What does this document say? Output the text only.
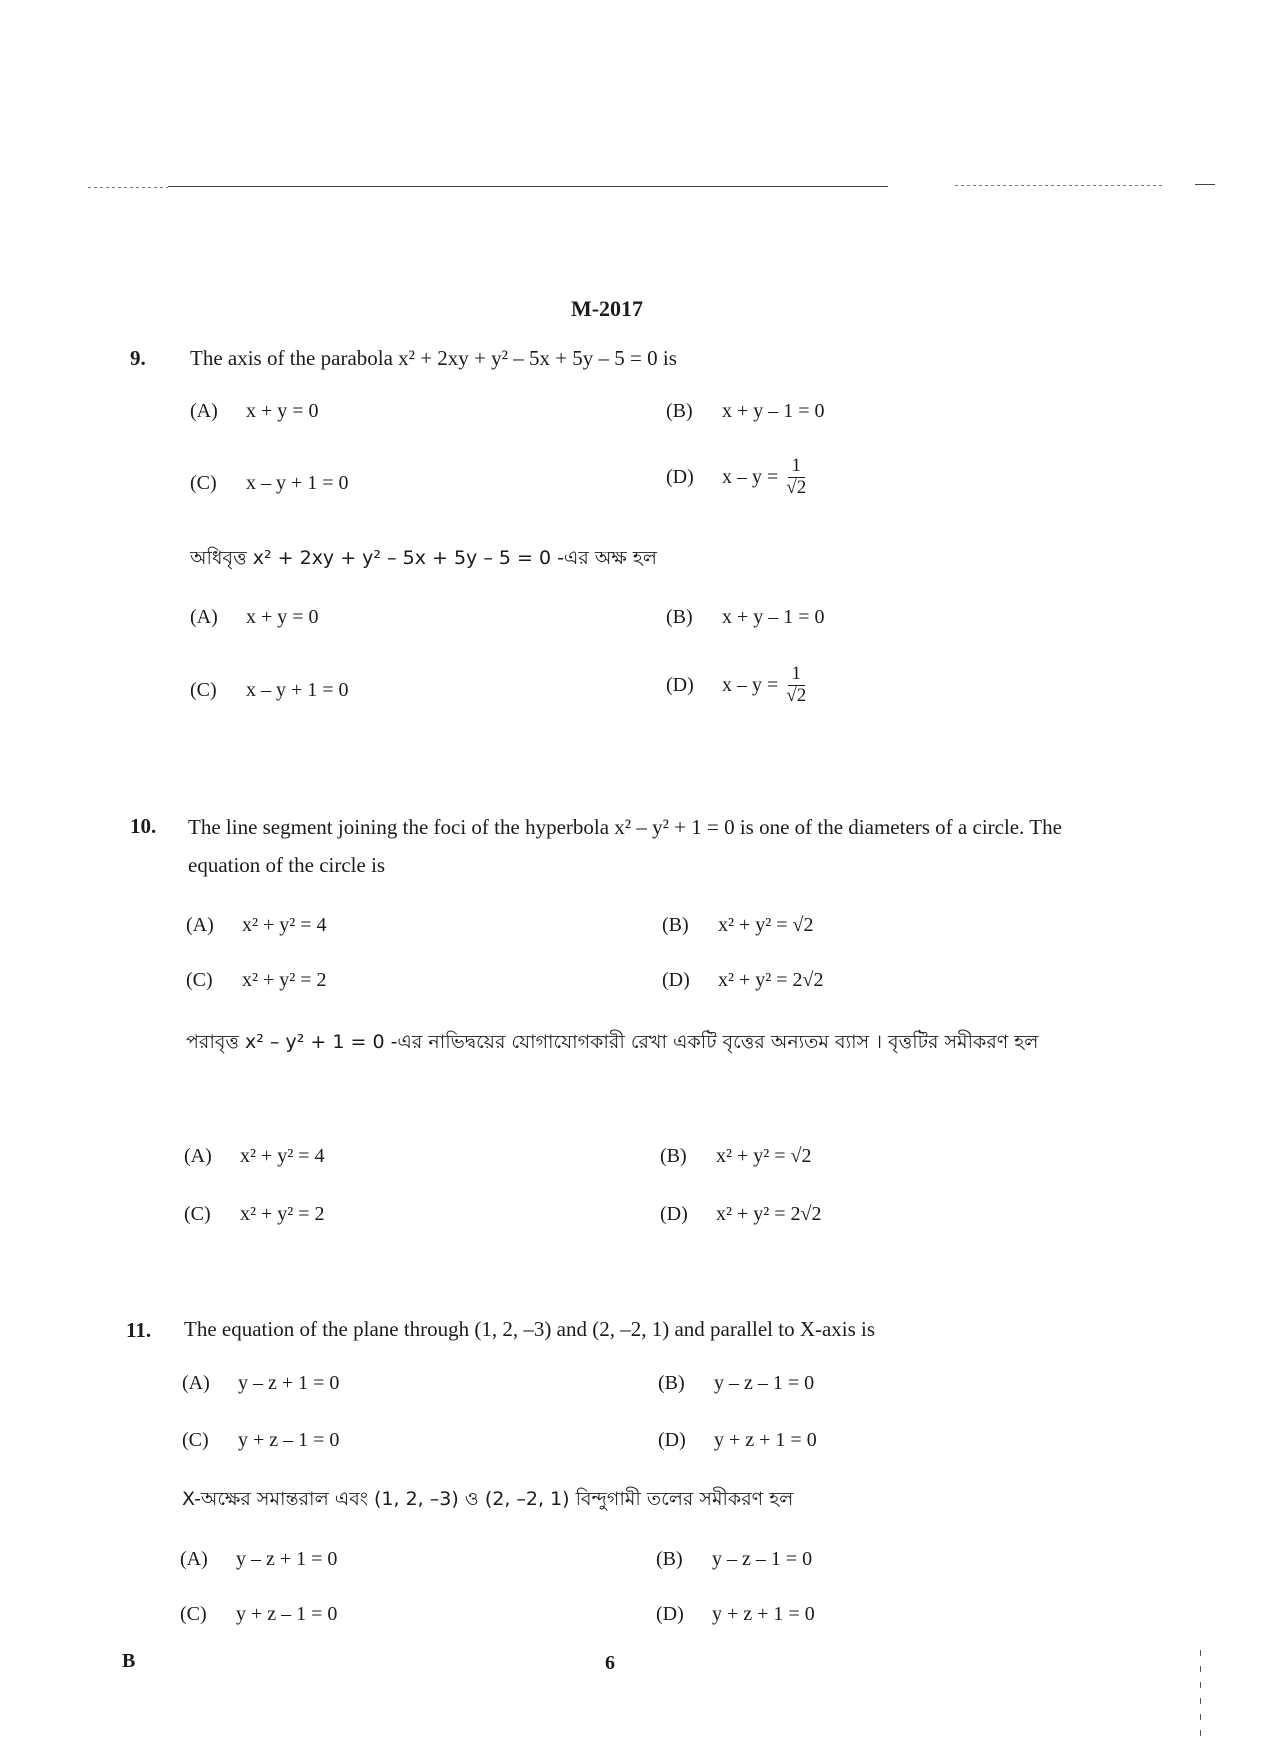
M-2017
9. The axis of the parabola x² + 2xy + y² – 5x + 5y – 5 = 0 is

(A)	x + y = 0	(B)	x + y – 1 = 0
(C)	x – y + 1 = 0	(D)	$x - y = \frac{1}{√2}$

অধিবৃত্ত x² + 2xy + y² – 5x + 5y – 5 = 0 -এর অক্ষ হল

(A)	x + y = 0	(B)	x + y – 1 = 0
(C)	x – y + 1 = 0	(D)	$x - y = \frac{1}{√2}$
10. The line segment joining the foci of the hyperbola x² – y² + 1 = 0 is one of the diameters of a circle. The equation of the circle is

(A)	x² + y² = 4	(B)	x² + y² = √2
(C)	x² + y² = 2	(D)	x² + y² = 2√2

পরাবৃত্ত x² – y² + 1 = 0 -এর নাভিদ্বয়ের যোগাযোগকারী রেখা একটি বৃত্তের অন্যতম ব্যাস । বৃত্তটির সমীকরণ হল

(A)	x² + y² = 4	(B)	x² + y² = √2
(C)	x² + y² = 2	(D)	x² + y² = 2√2
11. The equation of the plane through (1, 2, –3) and (2, –2, 1) and parallel to X-axis is

(A)	y – z + 1 = 0	(B)	y – z – 1 = 0
(C)	y + z – 1 = 0	(D)	y + z + 1 = 0

X-অক্ষের সমান্তরাল এবং (1, 2, –3) ও (2, –2, 1) বিন্দুগামী তলের সমীকরণ হল

(A)	y – z + 1 = 0	(B)	y – z – 1 = 0
(C)	y + z – 1 = 0	(D)	y + z + 1 = 0
B	6
